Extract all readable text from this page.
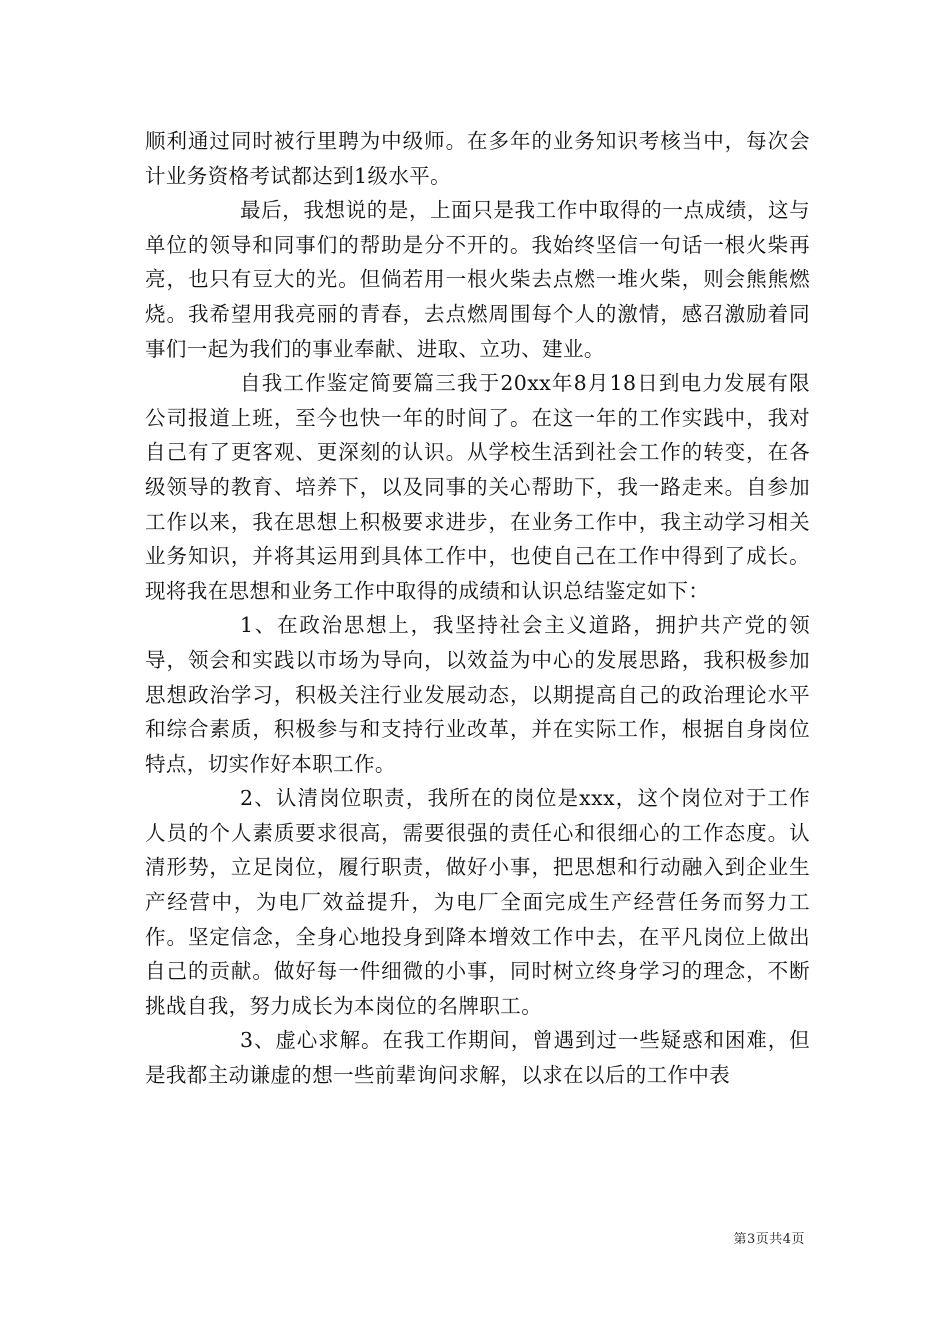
顺利通过同时被行里聘为中级师。在多年的业务知识考核当中，每次会计业务资格考试都达到1级水平。

最后，我想说的是，上面只是我工作中取得的一点成绩，这与单位的领导和同事们的帮助是分不开的。我始终坚信一句话一根火柴再亮，也只有豆大的光。但倘若用一根火柴去点燃一堆火柴，则会熊熊燃烧。我希望用我亮丽的青春，去点燃周围每个人的激情，感召激励着同事们一起为我们的事业奉献、进取、立功、建业。

自我工作鉴定简要篇三我于20xx年8月18日到电力发展有限公司报道上班，至今也快一年的时间了。在这一年的工作实践中，我对自己有了更客观、更深刻的认识。从学校生活到社会工作的转变，在各级领导的教育、培养下，以及同事的关心帮助下，我一路走来。自参加工作以来，我在思想上积极要求进步，在业务工作中，我主动学习相关业务知识，并将其运用到具体工作中，也使自己在工作中得到了成长。现将我在思想和业务工作中取得的成绩和认识总结鉴定如下：

1、在政治思想上，我坚持社会主义道路，拥护共产党的领导，领会和实践以市场为导向，以效益为中心的发展思路，我积极参加思想政治学习，积极关注行业发展动态，以期提高自己的政治理论水平和综合素质，积极参与和支持行业改革，并在实际工作，根据自身岗位特点，切实作好本职工作。

2、认清岗位职责，我所在的岗位是xxx，这个岗位对于工作人员的个人素质要求很高，需要很强的责任心和很细心的工作态度。认清形势，立足岗位，履行职责，做好小事，把思想和行动融入到企业生产经营中，为电厂效益提升，为电厂全面完成生产经营任务而努力工作。坚定信念，全身心地投身到降本增效工作中去，在平凡岗位上做出自己的贡献。做好每一件细微的小事，同时树立终身学习的理念，不断挑战自我，努力成长为本岗位的名牌职工。

3、虚心求解。在我工作期间，曾遇到过一些疑惑和困难，但是我都主动谦虚的想一些前辈询问求解，以求在以后的工作中表

第3页共4页
